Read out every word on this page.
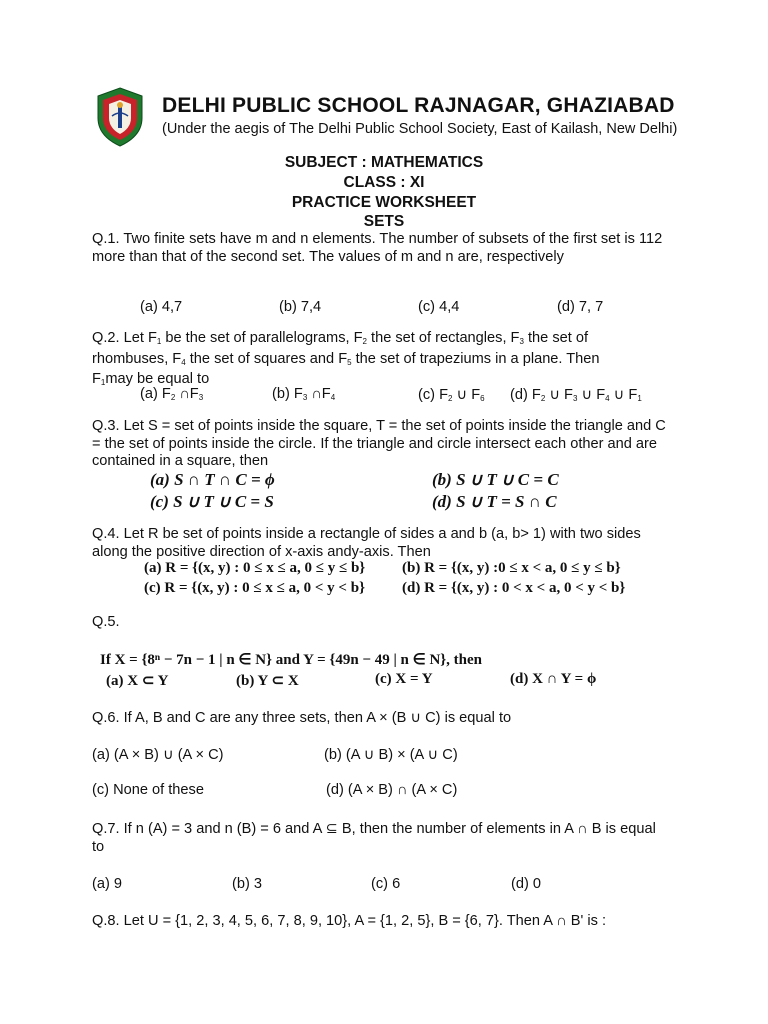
DELHI PUBLIC SCHOOL RAJNAGAR, GHAZIABAD
(Under the aegis of The Delhi Public School Society, East of Kailash, New Delhi)
SUBJECT : MATHEMATICS
CLASS : XI
PRACTICE WORKSHEET
SETS
Q.1. Two finite sets have m and n elements. The number of subsets of the first set is 112 more than that of the second set. The values of m and n are, respectively
(a) 4,7	(b) 7,4	(c) 4,4	(d) 7, 7
Q.2. Let $F_1$ be the set of parallelograms, $F_2$ the set of rectangles, $F_3$ the set of
rhombuses, $F_4$ the set of squares and $F_5$ the set of trapeziums in a plane. Then
$F_1may$ be equal to
(a) $F_2$ $\cap F_3$	(b) $F_3$ $\cap F_4$	(c) $F_2$ ∪ $F_6$ (d) $F_2$ ∪ $F_3$ ∪ $F_4$ ∪ $F_1$
Q.3. Let S = set of points inside the square, T = the set of points inside the triangle and C = the set of points inside the circle. If the triangle and circle intersect each other and are contained in a square, then
(a) S ∩ T ∩ C = ϕ	(b) S ∪ T ∪ C = C
(c) S ∪ T ∪ C = S	(d) S ∪ T = S ∩ C
Q.4. Let R be set of points inside a rectangle of sides a and b (a, b> 1) with two sides along the positive direction of x-axis andy-axis. Then
(a) R = {(x, y) : 0 ≤ x ≤ a, 0 ≤ y ≤ b} (b) R = {(x, y) :0 ≤ x < a, 0 ≤ y ≤ b}
(c) R = {(x, y) : 0 ≤ x ≤ a, 0 < y < b} (d) R = {(x, y) : 0 < x < a, 0 < y < b}
Q.5.
If X = {8ⁿ − 7n − 1 | n ∈ N} and Y = {49n − 49 | n ∈ N}, then
(a) X ⊂ Y	(b) Y ⊂ X	(c) X = Y	(d) X ∩ Y = ϕ
Q.6. If A, B and C are any three sets, then A × (B ∪ C) is equal to
(a) (A × B) ∪ (A × C)	(b) (A ∪ B) × (A ∪ C)
(c) None of these	(d) (A × B) ∩ (A × C)
Q.7. If n (A) = 3 and n (B) = 6 and A ⊆ B, then the number of elements in A ∩ B is equal to
(a) 9	(b) 3	(c) 6	(d) 0
Q.8. Let U = {1, 2, 3, 4, 5, 6, 7, 8, 9, 10}, A = {1, 2, 5}, B = {6, 7}. Then A ∩ B' is :
